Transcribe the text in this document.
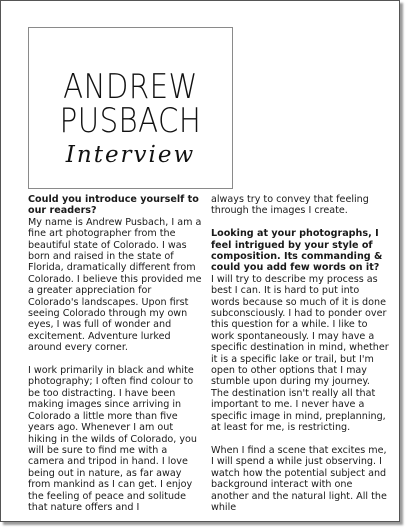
ANDREW
PUSBACH
Interview

Could you introduce yourself to our readers?

My name is Andrew Pusbach, I am a fine art photographer from the beautiful state of Colorado. I was born and raised in the state of Florida, dramatically different from Colorado. I believe this provided me a greater appreciation for Colorado's landscapes. Upon first seeing Colorado through my own eyes, I was full of wonder and excitement. Adventure lurked around every corner.

I work primarily in black and white photography; I often find colour to be too distracting. I have been making images since arriving in Colorado a little more than five years ago. Whenever I am out hiking in the wilds of Colorado, you will be sure to find me with a camera and tripod in hand. I love being out in nature, as far away from mankind as I can get. I enjoy the feeling of peace and solitude that nature offers and I

always try to convey that feeling through the images I create.

Looking at your photographs, I feel intrigued by your style of composition. Its commanding & could you add few words on it?

I will try to describe my process as best I can. It is hard to put into words because so much of it is done subconsciously. I had to ponder over this question for a while. I like to work spontaneously. I may have a specific destination in mind, whether it is a specific lake or trail, but I'm open to other options that I may stumble upon during my journey. The destination isn't really all that important to me. I never have a specific image in mind, preplanning, at least for me, is restricting.

When I find a scene that excites me, I will spend a while just observing. I watch how the potential subject and background interact with one another and the natural light. All the while
